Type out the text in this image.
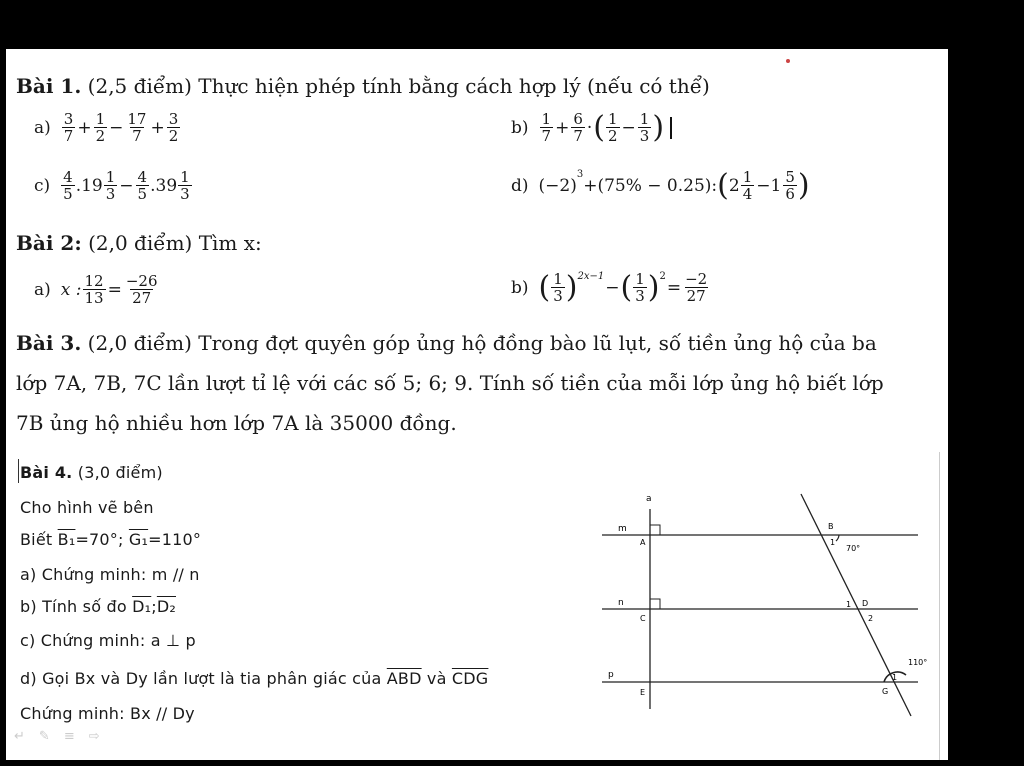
Bài 1. (2,5 điểm) Thực hiện phép tính bằng cách hợp lý (nếu có thể)
$a) \frac{3}{7} + \frac{1}{2} - \frac{17}{7} + \frac{3}{2}$	$b) \frac{1}{7} + \frac{6}{7}$ · ( $\frac{1}{2} - \frac{1}{3}$ )
$c) \frac{4}{5} .19 \frac{1}{3} - \frac{4}{5} .39 \frac{1}{3}$	d) (−2)
$^3$
+(75% − 0.25): ( $2 \frac{1}{4} -1 \frac{5}{6}$ )
Bài 2: (2,0 điểm) Tìm x:
a) x : $\frac{12}{13} = \frac{-26}{27}$	b) ( $\frac{1}{3} )^{2x-1}$
− ( $\frac{1}{3} )^2$
= $\frac{-2}{27}$
Bài 3. (2,0 điểm) Trong đợt quyên góp ủng hộ đồng bào lũ lụt, số tiền ủng hộ của ba
lớp 7A, 7B, 7C lần lượt tỉ lệ với các số 5; 6; 9. Tính số tiền của mỗi lớp ủng hộ biết lớp
7B ủng hộ nhiều hơn lớp 7A là 35000 đồng.
Bài 4. (3,0 điểm)
Cho hình vẽ bên
Biết B₁=70°; G₁=110°
a) Chứng minh: m // n
b) Tính số đo D₁;D₂
c) Chứng minh: a ⊥ p
d) Gọi Bx và Dy lần lượt là tia phân giác của $\overline{ABD}$ và $\overline{CDG}$
Chứng minh: Bx // Dy
a
m
A
n
C
p
E
B
1
70°
1 D
2
110°
1
G
↵ ✎ ≡ ⇨
